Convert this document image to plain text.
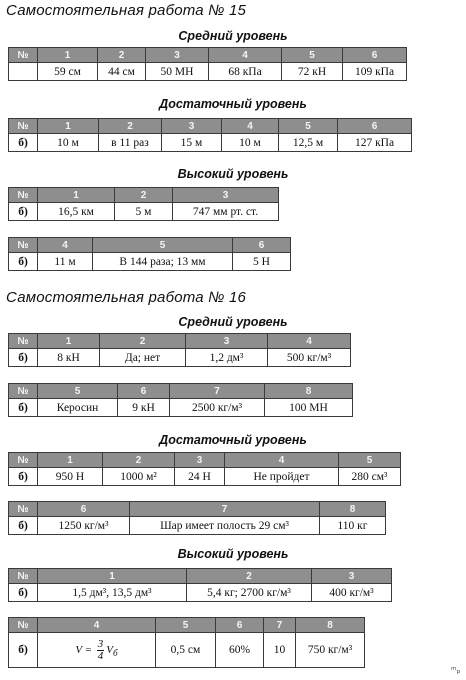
Самостоятельная работа № 15
Средний уровень
№	1	2	3	4	5	6
	59 см	44 см	50 МН	68 кПа	72 кН	109 кПа
Достаточный уровень
№	1	2	3	4	5	6
б)	10 м	в 11 раз	15 м	10 м	12,5 м	127 кПа
Высокий уровень
№	1	2	3
б)	16,5 км	5 м	747 мм рт. ст.
№	4	5	6
б)	11 м	В 144 раза; 13 мм	5 Н
Самостоятельная работа № 16
Средний уровень
№	1	2	3	4
б)	8 кН	Да; нет	1,2 дм³	500 кг/м³
№	5	6	7	8
б)	Керосин	9 кН	2500 кг/м³	100 МН
Достаточный уровень
№	1	2	3	4	5
б)	950 Н	1000 м²	24 Н	Не пройдет	280 см³
№	6	7	8
б)	1250 кг/м³	Шар имеет полость 29 см³	110 кг
Высокий уровень
№	1	2	3
б)	1,5 дм³, 13,5 дм³	5,4 кг; 2700 кг/м³	400 кг/м³
№	4	5	6	7	8
б)	$V = \frac{3}{4} V_б$	0,5 см	60%	10	750 кг/м³
ᵐₚ
